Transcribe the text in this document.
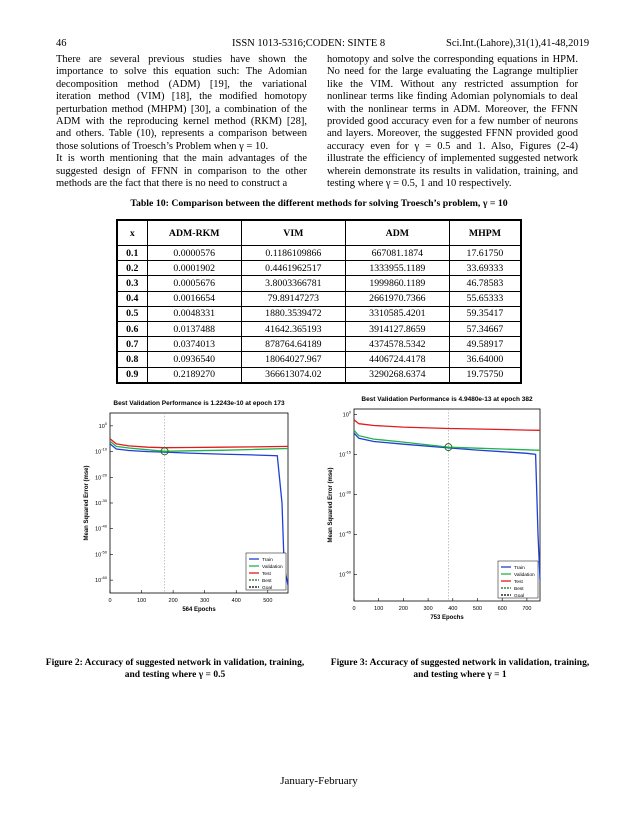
46	ISSN 1013-5316;CODEN: SINTE 8	Sci.Int.(Lahore),31(1),41-48,2019

There are several previous studies have shown the importance to solve this equation such: The Adomian decomposition method (ADM) [19], the variational iteration method (VIM) [18], the modified homotopy perturbation method (MHPM) [30], a combination of the ADM with the reproducing kernel method (RKM) [28], and others. Table (10), represents a comparison between those solutions of Troesch’s Problem when γ = 10.

It is worth mentioning that the main advantages of the suggested design of FFNN in comparison to the other methods are the fact that there is no need to construct a

homotopy and solve the corresponding equations in HPM. No need for the large evaluating the Lagrange multiplier like the VIM. Without any restricted assumption for nonlinear terms like finding Adomian polynomials to deal with the nonlinear terms in ADM. Moreover, the FFNN provided good accuracy even for a few number of neurons and layers. Moreover, the suggested FFNN provided good accuracy even for γ = 0.5 and 1. Also, Figures (2-4) illustrate the efficiency of implemented suggested network wherein demonstrate its results in validation, training, and testing where γ = 0.5, 1 and 10 respectively.

Table 10: Comparison between the different methods for solving Troesch’s problem, γ = 10
x	ADM-RKM	VIM	ADM	MHPM
0.1	0.0000576	0.1186109866	667081.1874	17.61750
0.2	0.0001902	0.4461962517	1333955.1189	33.69333
0.3	0.0005676	3.8003366781	1999860.1189	46.78583
0.4	0.0016654	79.89147273	2661970.7366	55.65333
0.5	0.0048331	1880.3539472	3310585.4201	59.35417
0.6	0.0137488	41642.365193	3914127.8659	57.34667
0.7	0.0374013	878764.64189	4374578.5342	49.58917
0.8	0.0936540	18064027.967	4406724.4178	36.64000
0.9	0.2189270	366613074.02	3290268.6374	19.75750
Best Validation Performance is 1.2243e-10 at epoch 173
0	100	200	300	400	500
$10^0$
$10^{-10}$
$10^{-20}$
$10^{-30}$
$10^{-40}$
$10^{-50}$
$10^{-60}$
564 Epochs
Mean Squared Error (mse)
Train
Validation
Test
Best
Goal
Best Validation Performance is 4.9480e-13 at epoch 382
0	100	200	300	400	500	600	700
$10^0$
$10^{-15}$
$10^{-30}$
$10^{-45}$
$10^{-60}$
753 Epochs
Mean Squared Error (mse)
Train
Validation
Test
Best
Goal
Figure 2: Accuracy of suggested network in validation, training, and testing where γ = 0.5
Figure 3: Accuracy of suggested network in validation, training, and testing where γ = 1
January-February
